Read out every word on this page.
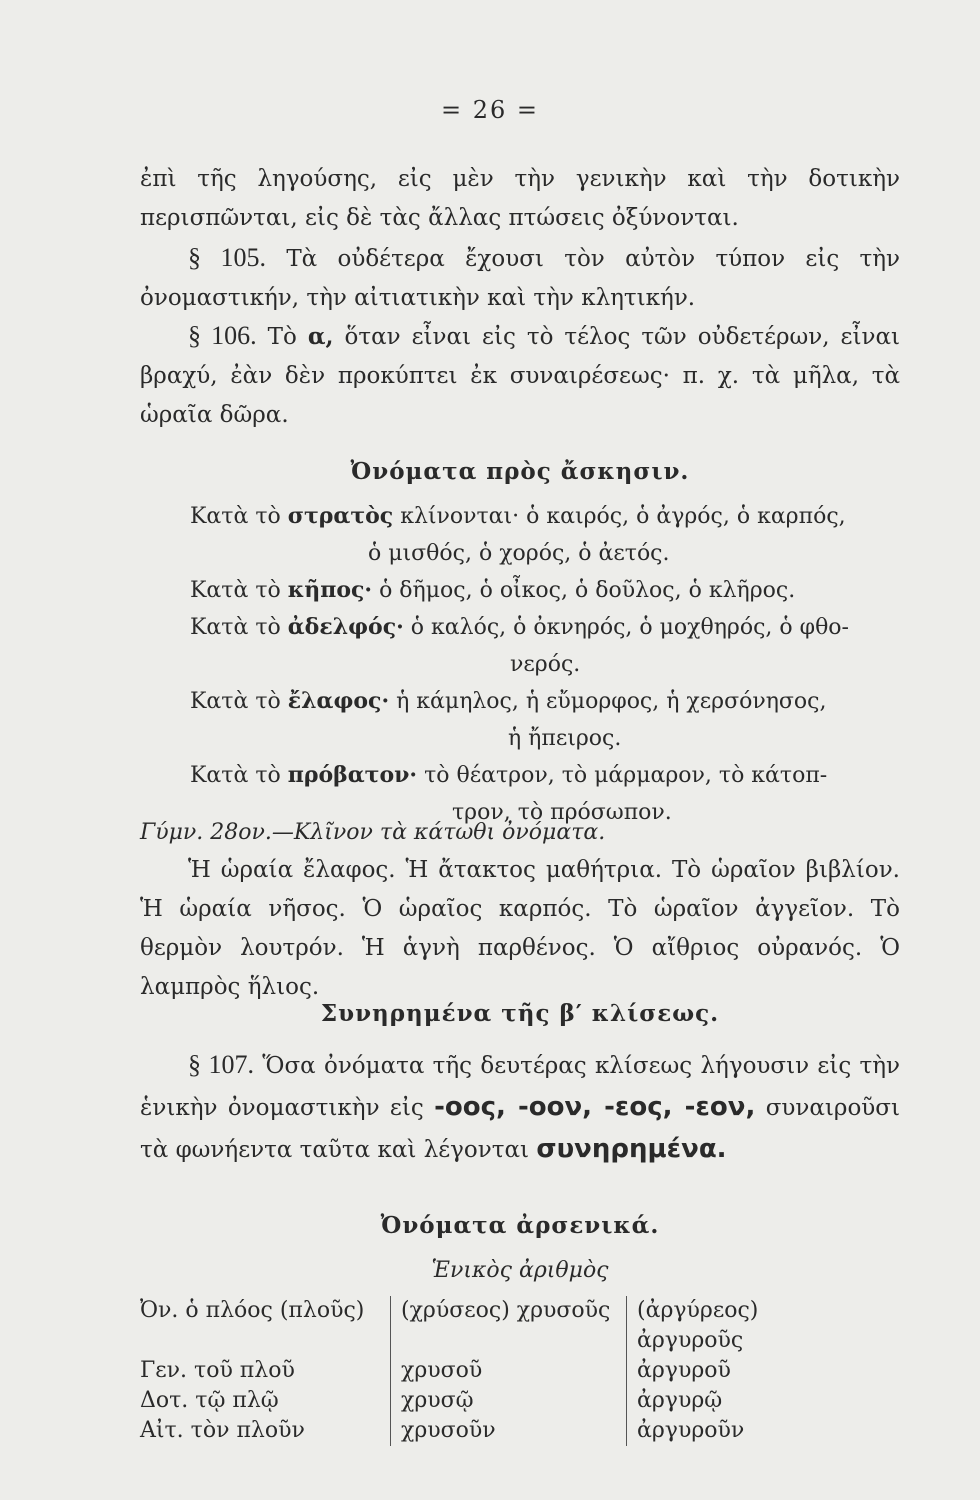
= 26 =

ἐπὶ τῆς ληγούσης, εἰς μὲν τὴν γενικὴν καὶ τὴν δοτικὴν περισπῶνται, εἰς δὲ τὰς ἄλλας πτώσεις ὀξύνονται.

§ 105. Τὰ οὐδέτερα ἔχουσι τὸν αὐτὸν τύπον εἰς τὴν ὀνομαστικήν, τὴν αἰτιατικὴν καὶ τὴν κλητικήν.

§ 106. Τὸ α, ὅταν εἶναι εἰς τὸ τέλος τῶν οὐδετέρων, εἶναι βραχύ, ἐὰν δὲν προκύπτει ἐκ συναιρέσεως· π. χ. τὰ μῆλα, τὰ ὡραῖα δῶρα.

Ὀνόματα πρὸς ἄσκησιν.

Κατὰ τὸ στρατὸς κλίνονται· ὁ καιρός, ὁ ἀγρός, ὁ καρπός,
ὁ μισθός, ὁ χορός, ὁ ἀετός.

Κατὰ τὸ κῆπος· ὁ δῆμος, ὁ οἶκος, ὁ δοῦλος, ὁ κλῆρος.

Κατὰ τὸ ἀδελφός· ὁ καλός, ὁ ὀκνηρός, ὁ μοχθηρός, ὁ φθο-
νερός.

Κατὰ τὸ ἔλαφος· ἡ κάμηλος, ἡ εὔμορφος, ἡ χερσόνησος,
ἡ ἤπειρος.

Κατὰ τὸ πρόβατον· τὸ θέατρον, τὸ μάρμαρον, τὸ κάτοπ-
τρον, τὸ πρόσωπον.

Γύμν. 28ον.—Κλῖνον τὰ κάτωθι ὀνόματα.

Ἡ ὡραία ἔλαφος. Ἡ ἄτακτος μαθήτρια. Τὸ ὡραῖον βιβλίον. Ἡ ὡραία νῆσος. Ὁ ὡραῖος καρπός. Τὸ ὡραῖον ἀγγεῖον. Τὸ θερμὸν λουτρόν. Ἡ ἁγνὴ παρθένος. Ὁ αἴθριος οὐρανός. Ὁ λαμπρὸς ἥλιος.

Συνηρημένα τῆς β′ κλίσεως.

§ 107. Ὅσα ὀνόματα τῆς δευτέρας κλίσεως λήγουσιν εἰς τὴν ἑνικὴν ὀνομαστικὴν εἰς -οος, -οον, -εος, -εον, συναιροῦσι τὰ φωνήεντα ταῦτα καὶ λέγονται συνηρημένα.

Ὀνόματα ἀρσενικά.

Ἑνικὸς ἀριθμὸς

Ὀν. ὁ πλόος (πλοῦς)	(χρύσεος) χρυσοῦς	(ἀργύρεος) ἀργυροῦς
Γεν. τοῦ πλοῦ	χρυσοῦ	ἀργυροῦ
Δοτ. τῷ πλῷ	χρυσῷ	ἀργυρῷ
Αἰτ. τὸν πλοῦν	χρυσοῦν	ἀργυροῦν
